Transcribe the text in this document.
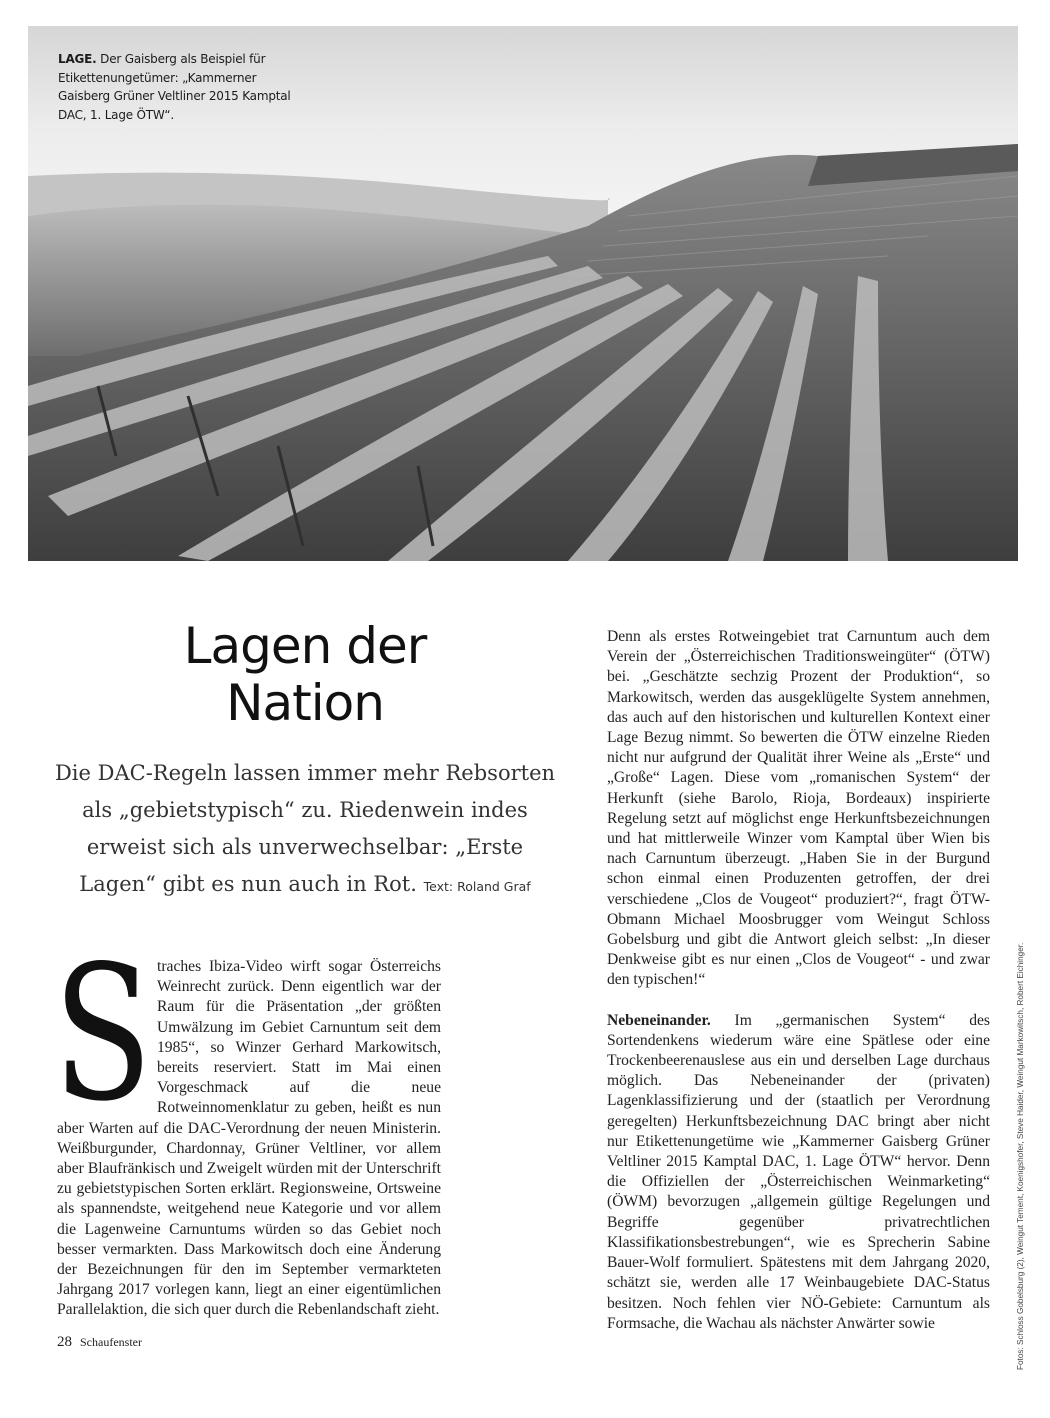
LAGE. Der Gaisberg als Beispiel für Etikettenungetümer: „Kammerner Gaisberg Grüner Veltliner 2015 Kamptal DAC, 1. Lage ÖTW“.
Lagen der
Nation
Die DAC-Regeln lassen immer mehr Rebsorten als „gebietstypisch“ zu. Riedenwein indes erweist sich als unverwechselbar: „Erste Lagen“ gibt es nun auch in Rot. Text: Roland Graf
S traches Ibiza-Video wirft sogar Österreichs Weinrecht zurück. Denn eigentlich war der Raum für die Präsentation „der größten Umwälzung im Gebiet Carnuntum seit dem 1985“, so Winzer Gerhard Markowitsch, bereits reserviert. Statt im Mai einen Vorgeschmack auf die neue Rotweinnomenklatur zu geben, heißt es nun aber Warten auf die DAC-Verordnung der neuen Ministerin. Weißburgunder, Chardonnay, Grüner Veltliner, vor allem aber Blaufränkisch und Zweigelt würden mit der Unterschrift zu gebietstypischen Sorten erklärt. Regionsweine, Ortsweine als spannendste, weitgehend neue Kategorie und vor allem die Lagenweine Carnuntums würden so das Gebiet noch besser vermarkten. Dass Markowitsch doch eine Änderung der Bezeichnungen für den im September vermarkteten Jahrgang 2017 vorlegen kann, liegt an einer eigentümlichen Parallelaktion, die sich quer durch die Rebenlandschaft zieht.
Denn als erstes Rotweingebiet trat Carnuntum auch dem Verein der „Österreichischen Traditionsweingüter“ (ÖTW) bei. „Geschätzte sechzig Prozent der Produktion“, so Markowitsch, werden das ausgeklügelte System annehmen, das auch auf den historischen und kulturellen Kontext einer Lage Bezug nimmt. So bewerten die ÖTW einzelne Rieden nicht nur aufgrund der Qualität ihrer Weine als „Erste“ und „Große“ Lagen. Diese vom „romanischen System“ der Herkunft (siehe Barolo, Rioja, Bordeaux) inspirierte Regelung setzt auf möglichst enge Herkunftsbezeichnungen und hat mittlerweile Winzer vom Kamptal über Wien bis nach Carnuntum überzeugt. „Haben Sie in der Burgund schon einmal einen Produzenten getroffen, der drei verschiedene „Clos de Vougeot“ produziert?“, fragt ÖTW-Obmann Michael Moosbrugger vom Weingut Schloss Gobelsburg und gibt die Antwort gleich selbst: „In dieser Denkweise gibt es nur einen „Clos de Vougeot“ - und zwar den typischen!“
Nebeneinander. Im „germanischen System“ des Sortendenkens wiederum wäre eine Spätlese oder eine Trockenbeerenauslese aus ein und derselben Lage durchaus möglich. Das Nebeneinander der (privaten) Lagenklassifizierung und der (staatlich per Verordnung geregelten) Herkunftsbezeichnung DAC bringt aber nicht nur Etikettenungetüme wie „Kammerner Gaisberg Grüner Veltliner 2015 Kamptal DAC, 1. Lage ÖTW“ hervor. Denn die Offiziellen der „Österreichischen Weinmarketing“ (ÖWM) bevorzugen „allgemein gültige Regelungen und Begriffe gegenüber privatrechtlichen Klassifikationsbestrebungen“, wie es Sprecherin Sabine Bauer-Wolf formuliert. Spätestens mit dem Jahrgang 2020, schätzt sie, werden alle 17 Weinbaugebiete DAC-Status besitzen. Noch fehlen vier NÖ-Gebiete: Carnuntum als Formsache, die Wachau als nächster Anwärter sowie	Fotos: Schloss Gobelsburg (2), Weingut Tement, Koenigshofer, Steve Haider, Weingut Markowitsch, Robert Eichinger.
28 Schaufenster
